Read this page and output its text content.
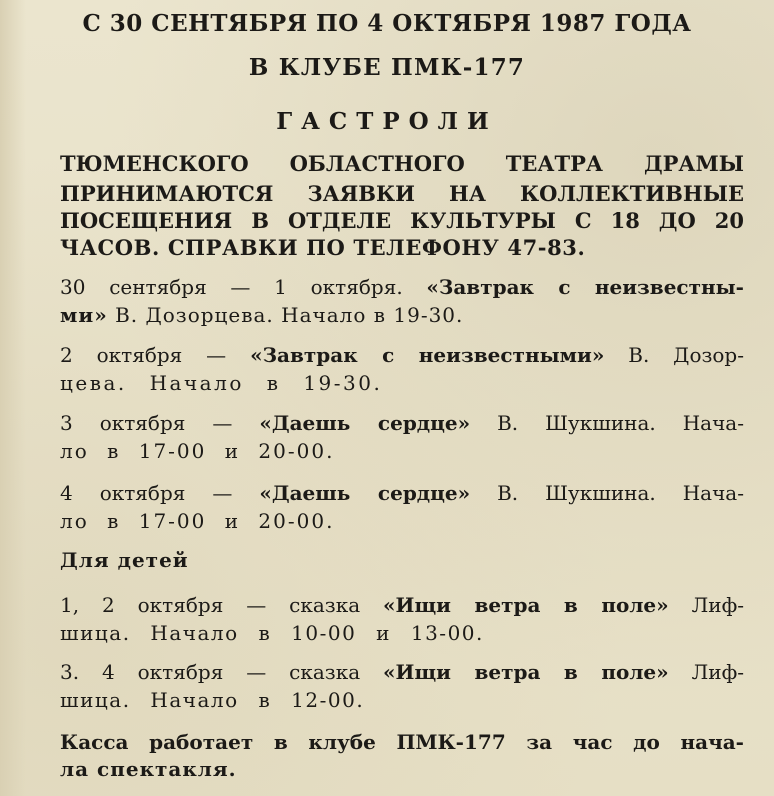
С 30 СЕНТЯБРЯ ПО 4 ОКТЯБРЯ 1987 ГОДА
В КЛУБЕ ПМК-177
ГАСТРОЛИ
ТЮМЕНСКОГО ОБЛАСТНОГО ТЕАТРА ДРАМЫ
ПРИНИМАЮТСЯ ЗАЯВКИ НА КОЛЛЕКТИВНЫЕ
ПОСЕЩЕНИЯ В ОТДЕЛЕ КУЛЬТУРЫ С 18 ДО 20
ЧАСОВ. СПРАВКИ ПО ТЕЛЕФОНУ 47-83.
30 сентября — 1 октября. «Завтрак с неизвестны-
ми» В. Дозорцева. Начало в 19-30.
2 октября — «Завтрак с неизвестными» В. Дозор-
цева. Начало в 19-30.
3 октября — «Даешь сердце» В. Шукшина. Нача-
ло в 17-00 и 20-00.
4 октября — «Даешь сердце» В. Шукшина. Нача-
ло в 17-00 и 20-00.
Для детей
1, 2 октября — сказка «Ищи ветра в поле» Лиф-
шица. Начало в 10-00 и 13-00.
3. 4 октября — сказка «Ищи ветра в поле» Лиф-
шица. Начало в 12-00.
Касса работает в клубе ПМК-177 за час до нача-
ла спектакля.
